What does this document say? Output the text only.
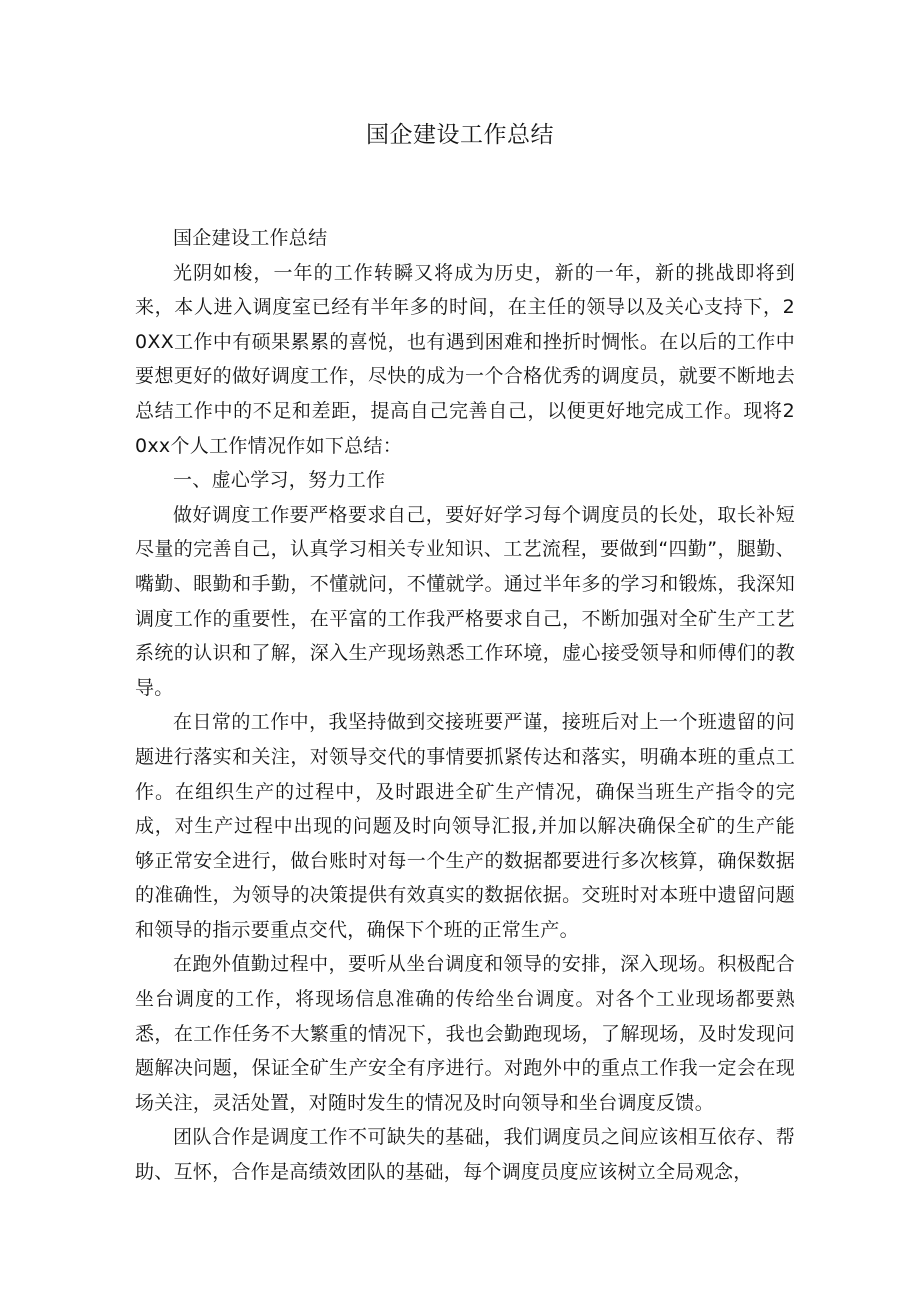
国企建设工作总结

国企建设工作总结

光阴如梭，一年的工作转瞬又将成为历史，新的一年，新的挑战即将到来，本人进入调度室已经有半年多的时间，在主任的领导以及关心支持下，20XX工作中有硕果累累的喜悦，也有遇到困难和挫折时惆怅。在以后的工作中要想更好的做好调度工作，尽快的成为一个合格优秀的调度员，就要不断地去总结工作中的不足和差距，提高自己完善自己，以便更好地完成工作。现将20xx个人工作情况作如下总结：

一、虚心学习，努力工作

做好调度工作要严格要求自己，要好好学习每个调度员的长处，取长补短尽量的完善自己，认真学习相关专业知识、工艺流程，要做到“四勤”，腿勤、嘴勤、眼勤和手勤，不懂就问，不懂就学。通过半年多的学习和锻炼，我深知调度工作的重要性，在平富的工作我严格要求自己，不断加强对全矿生产工艺系统的认识和了解，深入生产现场熟悉工作环境，虚心接受领导和师傅们的教导。

在日常的工作中，我坚持做到交接班要严谨，接班后对上一个班遗留的问题进行落实和关注，对领导交代的事情要抓紧传达和落实，明确本班的重点工作。在组织生产的过程中，及时跟进全矿生产情况，确保当班生产指令的完成，对生产过程中出现的问题及时向领导汇报,并加以解决确保全矿的生产能够正常安全进行，做台账时对每一个生产的数据都要进行多次核算，确保数据的准确性，为领导的决策提供有效真实的数据依据。交班时对本班中遗留问题和领导的指示要重点交代，确保下个班的正常生产。

在跑外值勤过程中，要听从坐台调度和领导的安排，深入现场。积极配合坐台调度的工作，将现场信息准确的传给坐台调度。对各个工业现场都要熟悉，在工作任务不大繁重的情况下，我也会勤跑现场，了解现场，及时发现问题解决问题，保证全矿生产安全有序进行。对跑外中的重点工作我一定会在现场关注，灵活处置，对随时发生的情况及时向领导和坐台调度反馈。

团队合作是调度工作不可缺失的基础，我们调度员之间应该相互依存、帮助、互怀，合作是高绩效团队的基础，每个调度员度应该树立全局观念，
